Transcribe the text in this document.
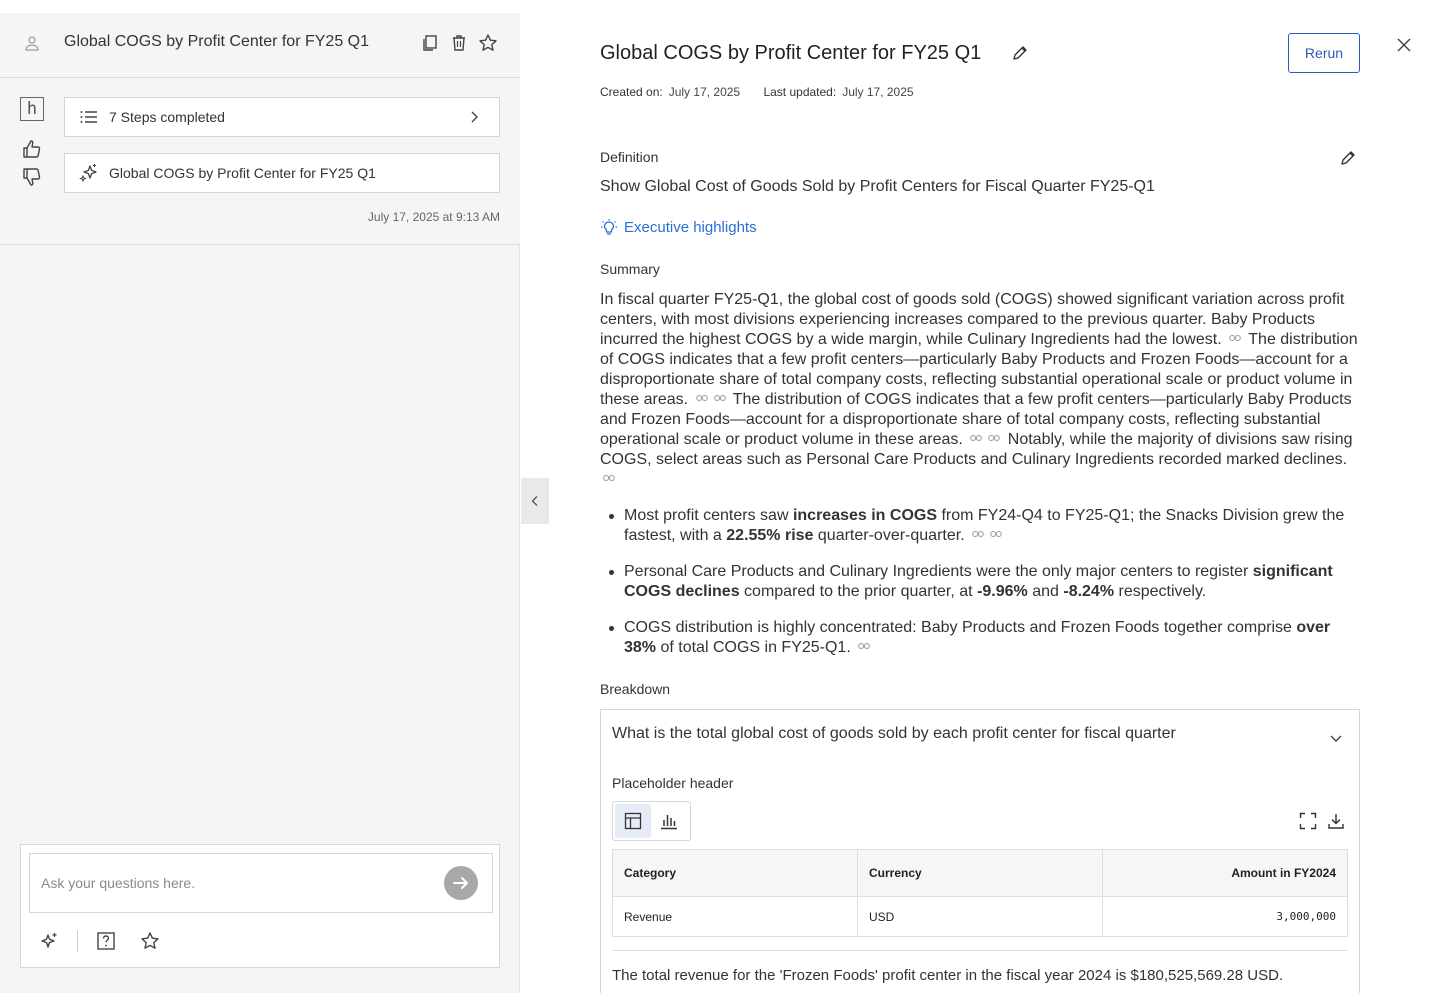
Global COGS by Profit Center for FY25 Q1
h	7 Steps completed
Global COGS by Profit Center for FY25 Q1
July 17, 2025 at 9:13 AM
Ask your questions here.
Global COGS by Profit Center for FY25 Q1	Rerun
Created on: July 17, 2025 Last updated: July 17, 2025
Definition
Show Global Cost of Goods Sold by Profit Centers for Fiscal Quarter FY25-Q1
Executive highlights
Summary
In fiscal quarter FY25-Q1, the global cost of goods sold (COGS) showed significant variation across profit centers, with most divisions experiencing increases compared to the previous quarter. Baby Products incurred the highest COGS by a wide margin, while Culinary Ingredients had the lowest. The distribution of COGS indicates that a few profit centers—particularly Baby Products and Frozen Foods—account for a disproportionate share of total company costs, reflecting substantial operational scale or product volume in these areas.	The distribution of COGS indicates that a few profit centers—particularly Baby Products and Frozen Foods—account for a disproportionate share of total company costs, reflecting substantial operational scale or product volume in these areas.	Notably, while the majority of divisions saw rising COGS, select areas such as Personal Care Products and Culinary Ingredients recorded marked declines.
Most profit centers saw increases in COGS from FY24-Q4 to FY25-Q1; the Snacks Division grew the fastest, with a 22.55% rise quarter-over-quarter.
Personal Care Products and Culinary Ingredients were the only major centers to register significant COGS declines compared to the prior quarter, at -9.96% and -8.24% respectively.
COGS distribution is highly concentrated: Baby Products and Frozen Foods together comprise over 38% of total COGS in FY25-Q1.
Breakdown
What is the total global cost of goods sold by each profit center for fiscal quarter
Placeholder header
Category	Currency	Amount in FY2024
Revenue	USD	3,000,000
The total revenue for the 'Frozen Foods' profit center in the fiscal year 2024 is $180,525,569.28 USD.
